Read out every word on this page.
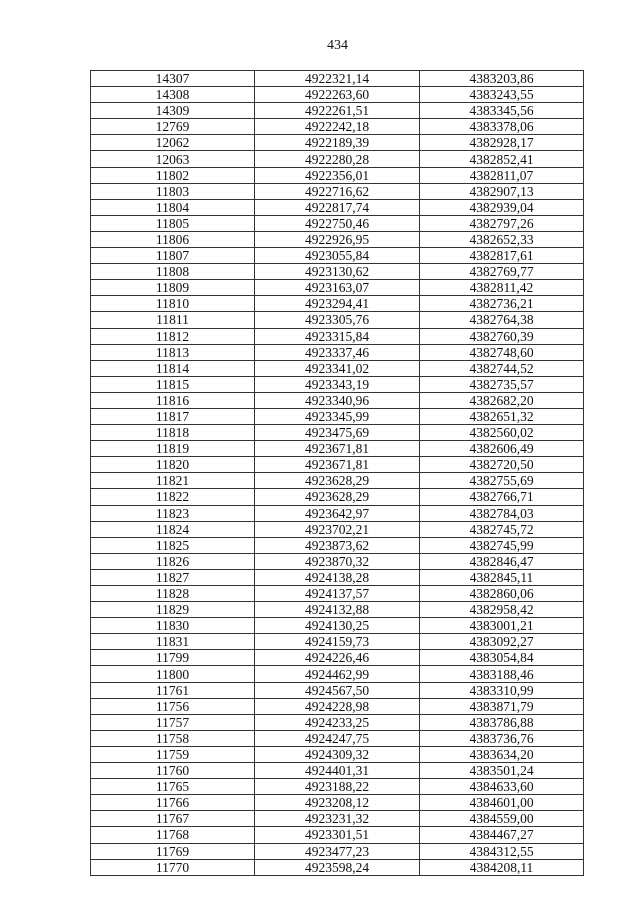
434
14307	4922321,14	4383203,86
14308	4922263,60	4383243,55
14309	4922261,51	4383345,56
12769	4922242,18	4383378,06
12062	4922189,39	4382928,17
12063	4922280,28	4382852,41
11802	4922356,01	4382811,07
11803	4922716,62	4382907,13
11804	4922817,74	4382939,04
11805	4922750,46	4382797,26
11806	4922926,95	4382652,33
11807	4923055,84	4382817,61
11808	4923130,62	4382769,77
11809	4923163,07	4382811,42
11810	4923294,41	4382736,21
11811	4923305,76	4382764,38
11812	4923315,84	4382760,39
11813	4923337,46	4382748,60
11814	4923341,02	4382744,52
11815	4923343,19	4382735,57
11816	4923340,96	4382682,20
11817	4923345,99	4382651,32
11818	4923475,69	4382560,02
11819	4923671,81	4382606,49
11820	4923671,81	4382720,50
11821	4923628,29	4382755,69
11822	4923628,29	4382766,71
11823	4923642,97	4382784,03
11824	4923702,21	4382745,72
11825	4923873,62	4382745,99
11826	4923870,32	4382846,47
11827	4924138,28	4382845,11
11828	4924137,57	4382860,06
11829	4924132,88	4382958,42
11830	4924130,25	4383001,21
11831	4924159,73	4383092,27
11799	4924226,46	4383054,84
11800	4924462,99	4383188,46
11761	4924567,50	4383310,99
11756	4924228,98	4383871,79
11757	4924233,25	4383786,88
11758	4924247,75	4383736,76
11759	4924309,32	4383634,20
11760	4924401,31	4383501,24
11765	4923188,22	4384633,60
11766	4923208,12	4384601,00
11767	4923231,32	4384559,00
11768	4923301,51	4384467,27
11769	4923477,23	4384312,55
11770	4923598,24	4384208,11
